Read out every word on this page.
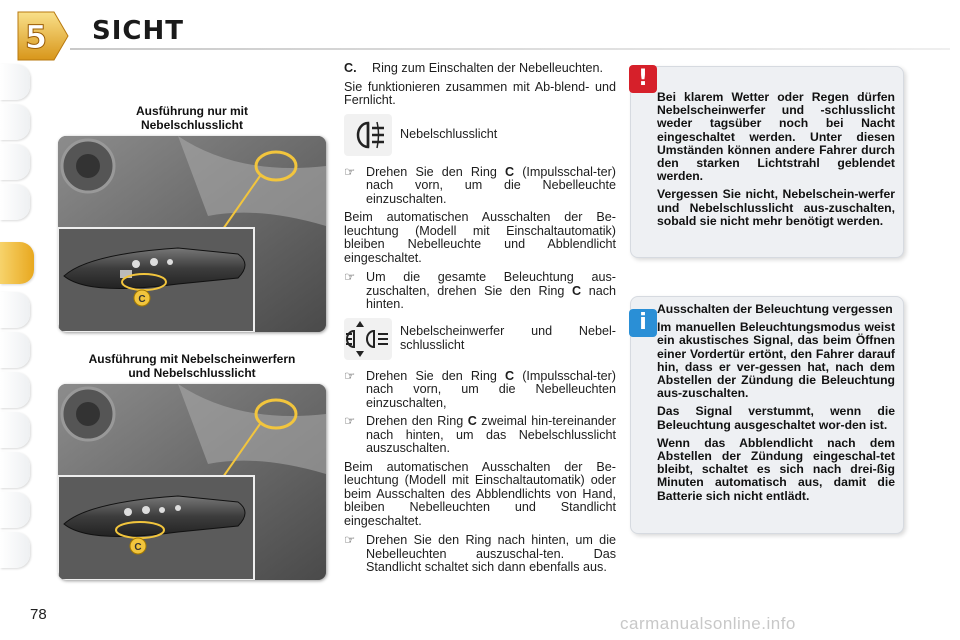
5 SICHT
Ausführung nur mit
Nebelschlusslicht
C
Ausführung mit Nebelscheinwerfern
und Nebelschlusslicht
C
C.	Ring zum Einschalten der Nebelleuchten.

Sie funktionieren zusammen mit Ab-blend- und Fernlicht.

Nebelschlusslicht
☞ Drehen Sie den Ring C (Impulsschal-ter) nach vorn, um die Nebelleuchte einzuschalten.

Beim automatischen Ausschalten der Be-leuchtung (Modell mit Einschaltautomatik) bleiben Nebelleuchte und Abblendlicht eingeschaltet.

☞ Um die gesamte Beleuchtung aus-zuschalten, drehen Sie den Ring C nach hinten.
Nebelscheinwerfer und Nebel-schlusslicht
☞ Drehen Sie den Ring C (Impulsschal-ter) nach vorn, um die Nebelleuchten einzuschalten,
☞ Drehen den Ring C zweimal hin-tereinander nach hinten, um das Nebelschlusslicht auszuschalten.

Beim automatischen Ausschalten der Be-leuchtung (Modell mit Einschaltautomatik) oder beim Ausschalten des Abblendlichts von Hand, bleiben Nebelleuchten und Standlicht eingeschaltet.

☞ Drehen Sie den Ring nach hinten, um die Nebelleuchten auszuschal-ten. Das Standlicht schaltet sich dann ebenfalls aus.
!

Bei klarem Wetter oder Regen dürfen Nebelscheinwerfer und -schlusslicht weder tagsüber noch bei Nacht eingeschaltet werden. Unter diesen Umständen können andere Fahrer durch den starken Lichtstrahl geblendet werden.

Vergessen Sie nicht, Nebelschein-werfer und Nebelschlusslicht aus-zuschalten, sobald sie nicht mehr benötigt werden.

i

Ausschalten der Beleuchtung vergessen

Im manuellen Beleuchtungsmodus weist ein akustisches Signal, das beim Öffnen einer Vordertür ertönt, den Fahrer darauf hin, dass er ver-gessen hat, nach dem Abstellen der Zündung die Beleuchtung aus-zuschalten.

Das Signal verstummt, wenn die Beleuchtung ausgeschaltet wor-den ist.

Wenn das Abblendlicht nach dem Abstellen der Zündung eingeschal-tet bleibt, schaltet es sich nach drei-ßig Minuten automatisch aus, damit die Batterie sich nicht entlädt.

78	carmanualsonline.info
